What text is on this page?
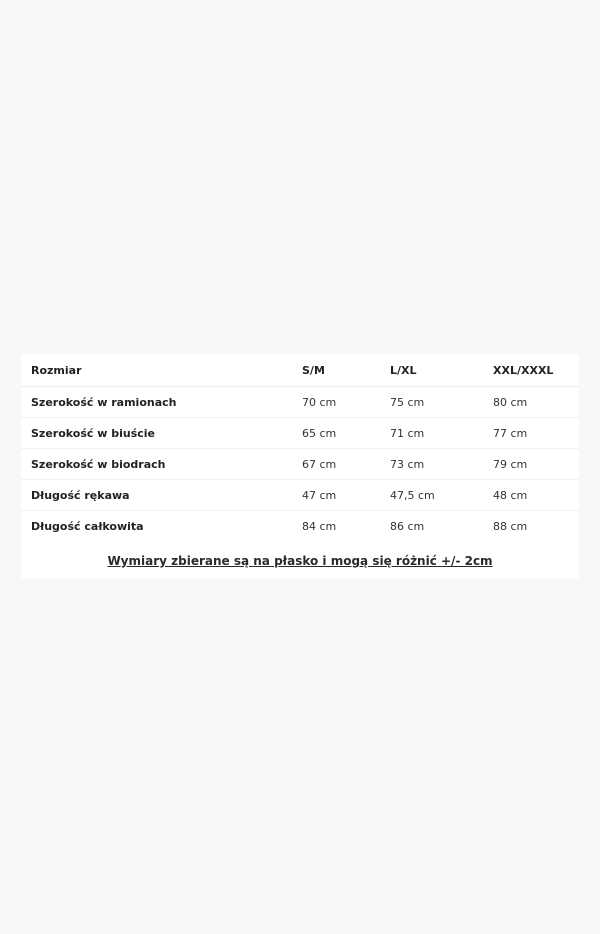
Rozmiar	S/M	L/XL	XXL/XXXL
Szerokość w ramionach	70 cm	75 cm	80 cm
Szerokość w biuście	65 cm	71 cm	77 cm
Szerokość w biodrach	67 cm	73 cm	79 cm
Długość rękawa	47 cm	47,5 cm	48 cm
Długość całkowita	84 cm	86 cm	88 cm
Wymiary zbierane są na płasko i mogą się różnić +/- 2cm
